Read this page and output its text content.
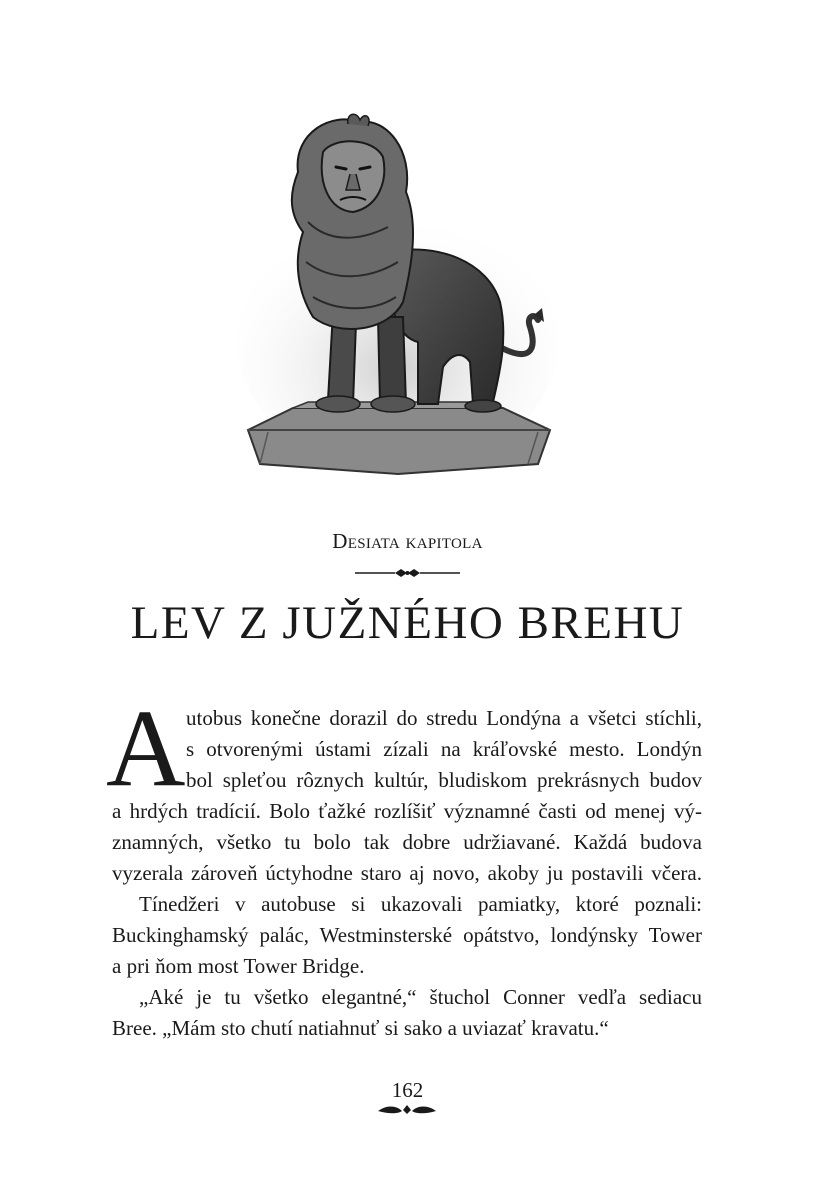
Desiata kapitola
LEV Z JUŽNÉHO BREHU
A utobus konečne dorazil do stredu Londýna a všetci stíchli,
s otvorenými ústami zízali na kráľovské mesto. Londýn
bol spleťou rôznych kultúr, bludiskom prekrásnych budov
a hrdých tradícií. Bolo ťažké rozlíšiť významné časti od menej vý-
znamných, všetko tu bolo tak dobre udržiavané. Každá budova
vyzerala zároveň úctyhodne staro aj novo, akoby ju postavili včera.
Tínedžeri v autobuse si ukazovali pamiatky, ktoré poznali:
Buckinghamský palác, Westminsterské opátstvo, londýnsky Tower
a pri ňom most Tower Bridge.
„Aké je tu všetko elegantné,“ štuchol Conner vedľa sediacu
Bree. „Mám sto chutí natiahnuť si sako a uviazať kravatu.“
162
